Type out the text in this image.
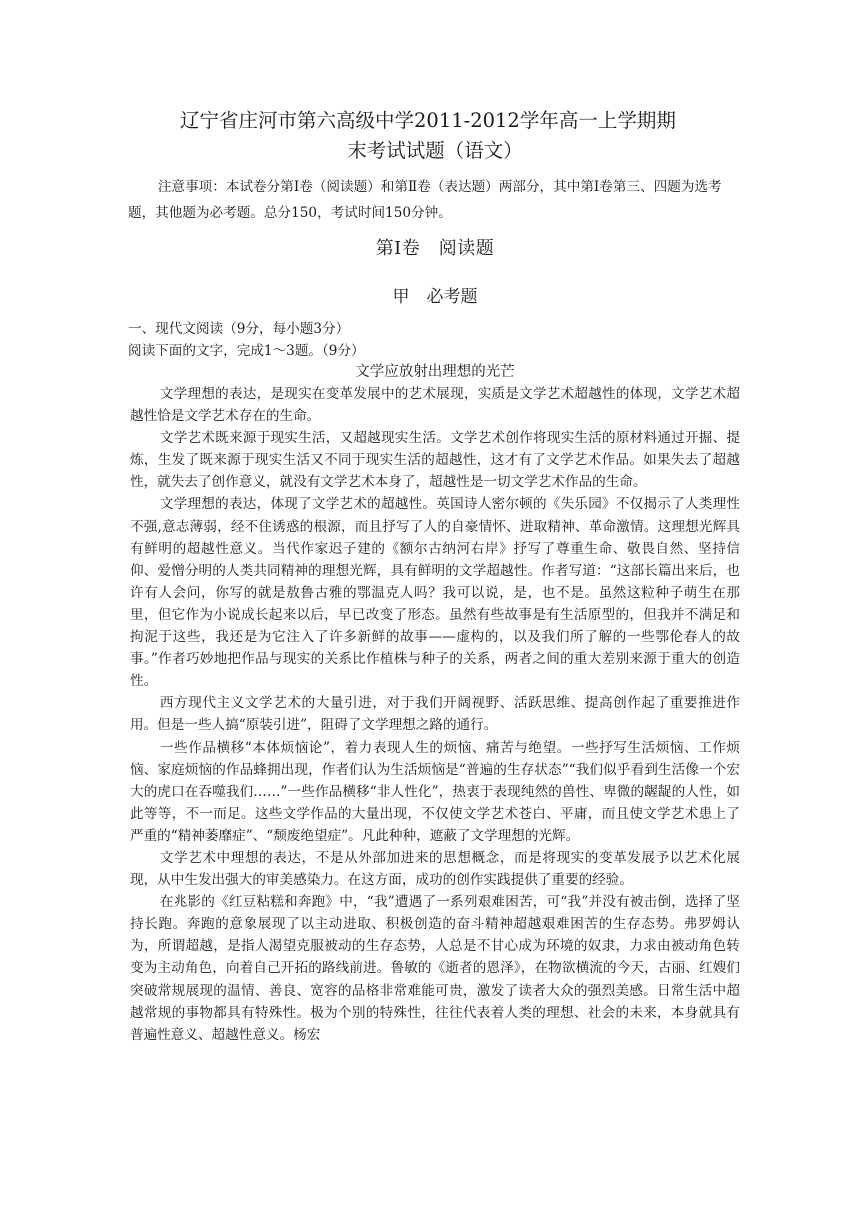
辽宁省庄河市第六高级中学2011-2012学年高一上学期期
末考试试题（语文）
注意事项：本试卷分第Ⅰ卷（阅读题）和第Ⅱ卷（表达题）两部分，其中第Ⅰ卷第三、四题为选考题，其他题为必考题。总分150，考试时间150分钟。
第Ⅰ卷　阅读题
甲　必考题
一、现代文阅读（9分，每小题3分）
阅读下面的文字，完成1～3题。（9分）
文学应放射出理想的光芒

文学理想的表达，是现实在变革发展中的艺术展现，实质是文学艺术超越性的体现，文学艺术超越性恰是文学艺术存在的生命。

文学艺术既来源于现实生活，又超越现实生活。文学艺术创作将现实生活的原材料通过开掘、提炼，生发了既来源于现实生活又不同于现实生活的超越性，这才有了文学艺术作品。如果失去了超越性，就失去了创作意义，就没有文学艺术本身了，超越性是一切文学艺术作品的生命。

文学理想的表达，体现了文学艺术的超越性。英国诗人密尔顿的《失乐园》不仅揭示了人类理性不强,意志薄弱，经不住诱惑的根源，而且抒写了人的自豪情怀、进取精神、革命激情。这理想光辉具有鲜明的超越性意义。当代作家迟子建的《额尔古纳河右岸》抒写了尊重生命、敬畏自然、坚持信仰、爱憎分明的人类共同精神的理想光辉，具有鲜明的文学超越性。作者写道：“这部长篇出来后，也许有人会问，你写的就是敖鲁古雅的鄂温克人吗？我可以说，是，也不是。虽然这粒种子萌生在那里，但它作为小说成长起来以后，早已改变了形态。虽然有些故事是有生活原型的，但我并不满足和拘泥于这些，我还是为它注入了许多新鲜的故事——虚构的，以及我们所了解的一些鄂伦春人的故事。”作者巧妙地把作品与现实的关系比作植株与种子的关系，两者之间的重大差别来源于重大的创造性。

西方现代主义文学艺术的大量引进，对于我们开阔视野、活跃思维、提高创作起了重要推进作用。但是一些人搞“原装引进”，阻碍了文学理想之路的通行。

一些作品横移“本体烦恼论”，着力表现人生的烦恼、痛苦与绝望。一些抒写生活烦恼、工作烦恼、家庭烦恼的作品蜂拥出现，作者们认为生活烦恼是“普遍的生存状态”“我们似乎看到生活像一个宏大的虎口在吞噬我们……”一些作品横移“非人性化”，热衷于表现纯然的兽性、卑微的龌龊的人性，如此等等，不一而足。这些文学作品的大量出现，不仅使文学艺术苍白、平庸，而且使文学艺术患上了严重的“精神萎靡症”、“颓废绝望症”。凡此种种，遮蔽了文学理想的光辉。

文学艺术中理想的表达，不是从外部加进来的思想概念，而是将现实的变革发展予以艺术化展现，从中生发出强大的审美感染力。在这方面，成功的创作实践提供了重要的经验。

在兆影的《红豆粘糕和奔跑》中，“我”遭遇了一系列艰难困苦，可“我”并没有被击倒，选择了坚持长跑。奔跑的意象展现了以主动进取、积极创造的奋斗精神超越艰难困苦的生存态势。弗罗姆认为，所谓超越，是指人渴望克服被动的生存态势，人总是不甘心成为环境的奴隶，力求由被动角色转变为主动角色，向着自己开拓的路线前进。鲁敏的《逝者的恩泽》，在物欲横流的今天，古丽、红嫂们突破常规展现的温情、善良、宽容的品格非常难能可贵，激发了读者大众的强烈美感。日常生活中超越常规的事物都具有特殊性。极为个别的特殊性，往往代表着人类的理想、社会的未来，本身就具有普遍性意义、超越性意义。杨宏
